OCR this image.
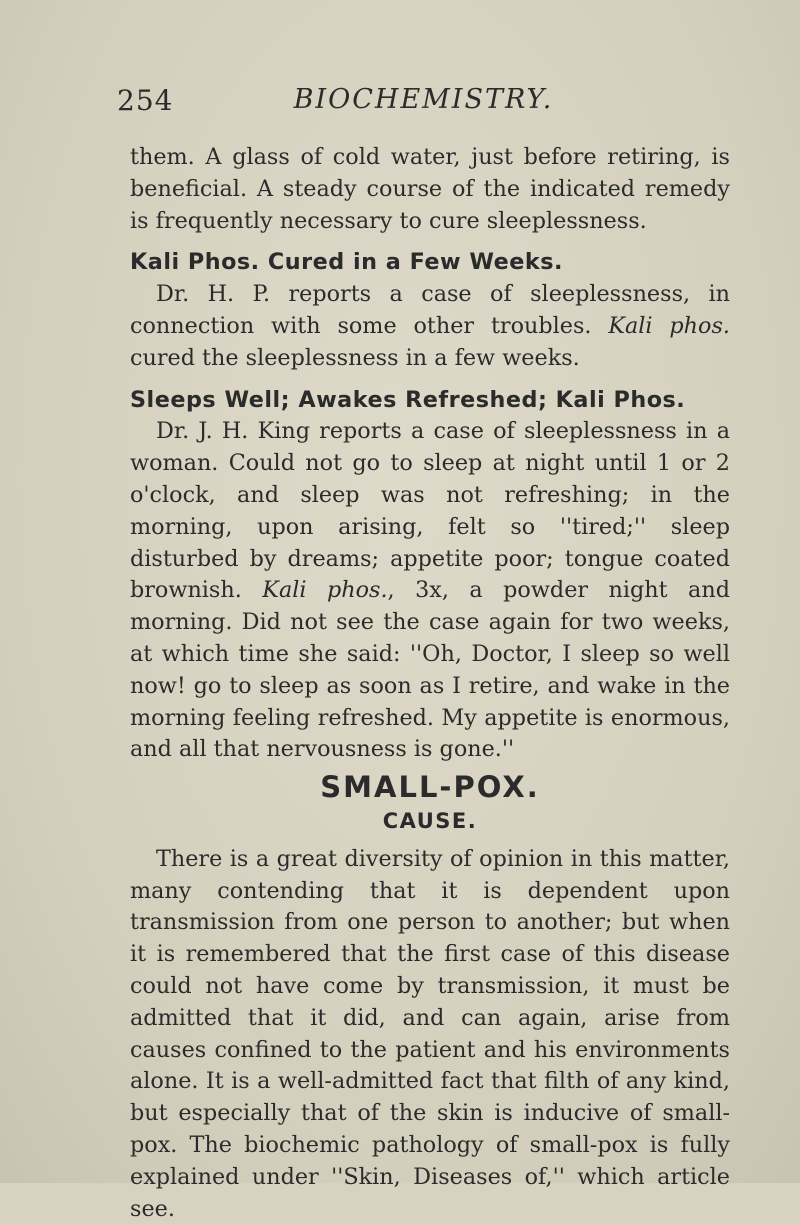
254	BIOCHEMISTRY.

them. A glass of cold water, just before retiring, is beneficial. A steady course of the indicated remedy is frequently necessary to cure sleeplessness.

Kali Phos. Cured in a Few Weeks.

Dr. H. P. reports a case of sleeplessness, in connection with some other troubles. Kali phos. cured the sleeplessness in a few weeks.

Sleeps Well; Awakes Refreshed; Kali Phos.

Dr. J. H. King reports a case of sleeplessness in a woman. Could not go to sleep at night until 1 or 2 o'clock, and sleep was not refreshing; in the morning, upon arising, felt so ''tired;'' sleep disturbed by dreams; appetite poor; tongue coated brownish. Kali phos., 3x, a powder night and morning. Did not see the case again for two weeks, at which time she said: ''Oh, Doctor, I sleep so well now! go to sleep as soon as I retire, and wake in the morning feeling refreshed. My appetite is enormous, and all that nervousness is gone.''

SMALL-POX.
CAUSE.

There is a great diversity of opinion in this matter, many contending that it is dependent upon transmission from one person to another; but when it is remembered that the first case of this disease could not have come by transmission, it must be admitted that it did, and can again, arise from causes confined to the patient and his environments alone. It is a well-admitted fact that filth of any kind, but especially that of the skin is inducive of small-pox. The biochemic pathology of small-pox is fully explained under ''Skin, Diseases of,'' which article see.
